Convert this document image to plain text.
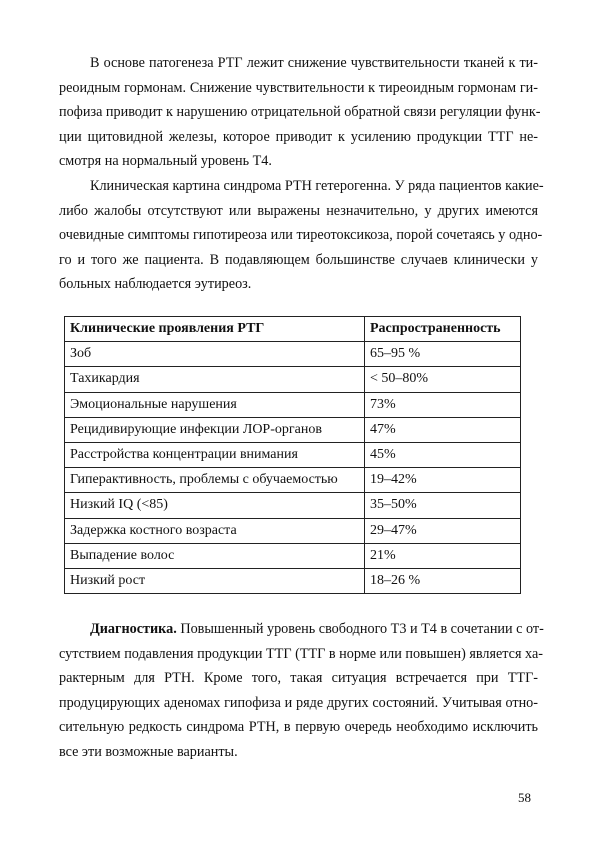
В основе патогенеза РТГ лежит снижение чувствительности тканей к ти-
реоидным гормонам. Снижение чувствительности к тиреоидным гормонам ги-
пофиза приводит к нарушению отрицательной обратной связи регуляции функ-
ции щитовидной железы, которое приводит к усилению продукции ТТГ не-
смотря на нормальный уровень Т4.
Клиническая картина синдрома РТН гетерогенна. У ряда пациентов какие-
либо жалобы отсутствуют или выражены незначительно, у других имеются
очевидные симптомы гипотиреоза или тиреотоксикоза, порой сочетаясь у одно-
го и того же пациента. В подавляющем большинстве случаев клинически у
больных наблюдается эутиреоз.
Клинические проявления РТГ	Распространенность
Зоб	65–95 %
Тахикардия	< 50–80%
Эмоциональные нарушения	73%
Рецидивирующие инфекции ЛОР-органов	47%
Расстройства концентрации внимания	45%
Гиперактивность, проблемы с обучаемостью	19–42%
Низкий IQ (<85)	35–50%
Задержка костного возраста	29–47%
Выпадение волос	21%
Низкий рост	18–26 %
Диагностика. Повышенный уровень свободного Т3 и Т4 в сочетании с от-
сутствием подавления продукции ТТГ (ТТГ в норме или повышен) является ха-
рактерным для РТН. Кроме того, такая ситуация встречается при ТТГ-
продуцирующих аденомах гипофиза и ряде других состояний. Учитывая отно-
сительную редкость синдрома РТН, в первую очередь необходимо исключить
все эти возможные варианты.
58
